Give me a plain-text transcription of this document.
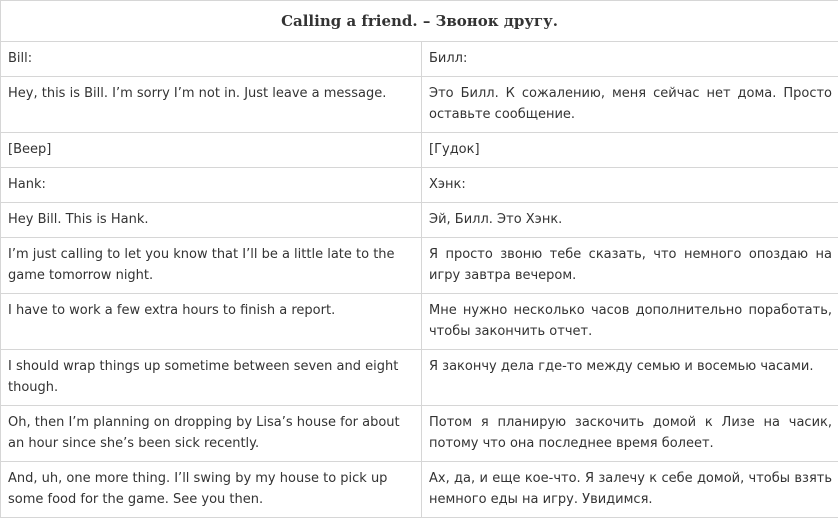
Calling a friend. – Звонок другу.	
Bill:	Билл:
Hey, this is Bill. I’m sorry I’m not in. Just leave a message.	Это Билл. К сожалению, меня сейчас нет дома. Просто оставьте сообщение.
[Beep]	[Гудок]
Hank:	Хэнк:
Hey Bill. This is Hank.	Эй, Билл. Это Хэнк.
I’m just calling to let you know that I’ll be a little late to the game tomorrow night.	Я просто звоню тебе сказать, что немного опоздаю на игру завтра вечером.
I have to work a few extra hours to finish a report.	Мне нужно несколько часов дополнительно поработать, чтобы закончить отчет.
I should wrap things up sometime between seven and eight though.	Я закончу дела где-то между семью и восемью часами.
Oh, then I’m planning on dropping by Lisa’s house for about an hour since she’s been sick recently.	Потом я планирую заскочить домой к Лизе на часик, потому что она последнее время болеет.
And, uh, one more thing. I’ll swing by my house to pick up some food for the game. See you then.	Ах, да, и еще кое-что. Я залечу к себе домой, чтобы взять немного еды на игру. Увидимся.
